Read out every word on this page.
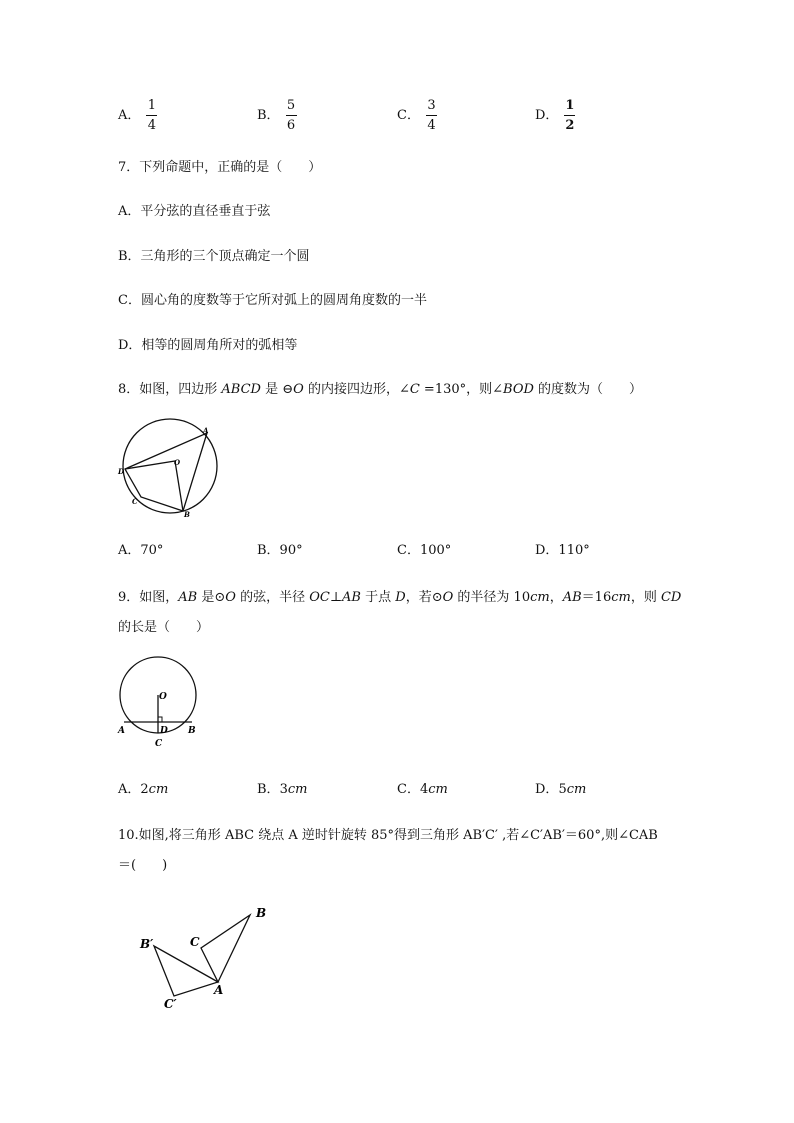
A． $\frac{1}{4}$	B． $\frac{5}{6}$	C． $\frac{3}{4}$	D． $\frac{1}{2}$
7．下列命题中，正确的是（　　）
A．平分弦的直径垂直于弦
B．三角形的三个顶点确定一个圆
C．圆心角的度数等于它所对弧上的圆周角度数的一半
D．相等的圆周角所对的弧相等
8．如图，四边形 ABCD 是 ⊖O 的内接四边形，∠C =130°，则∠BOD 的度数为（　　）
A
O
D
C
B
A．70°	B．90°	C．100°	D．110°
9．如图，AB 是⊙O 的弦，半径 OC⊥AB 于点 D，若⊙O 的半径为 10cm，AB＝16cm，则 CD
的长是（　　）
O
A	D B
C
A． 2 cm	B． 3 cm	C． 4 cm	D． 5 cm
10.如图,将三角形 ABC 绕点 A 逆时针旋转 85°得到三角形 AB′C′ ,若∠C′AB′＝60°,则∠CAB
＝(　　)
B
C
B′
A
C′
